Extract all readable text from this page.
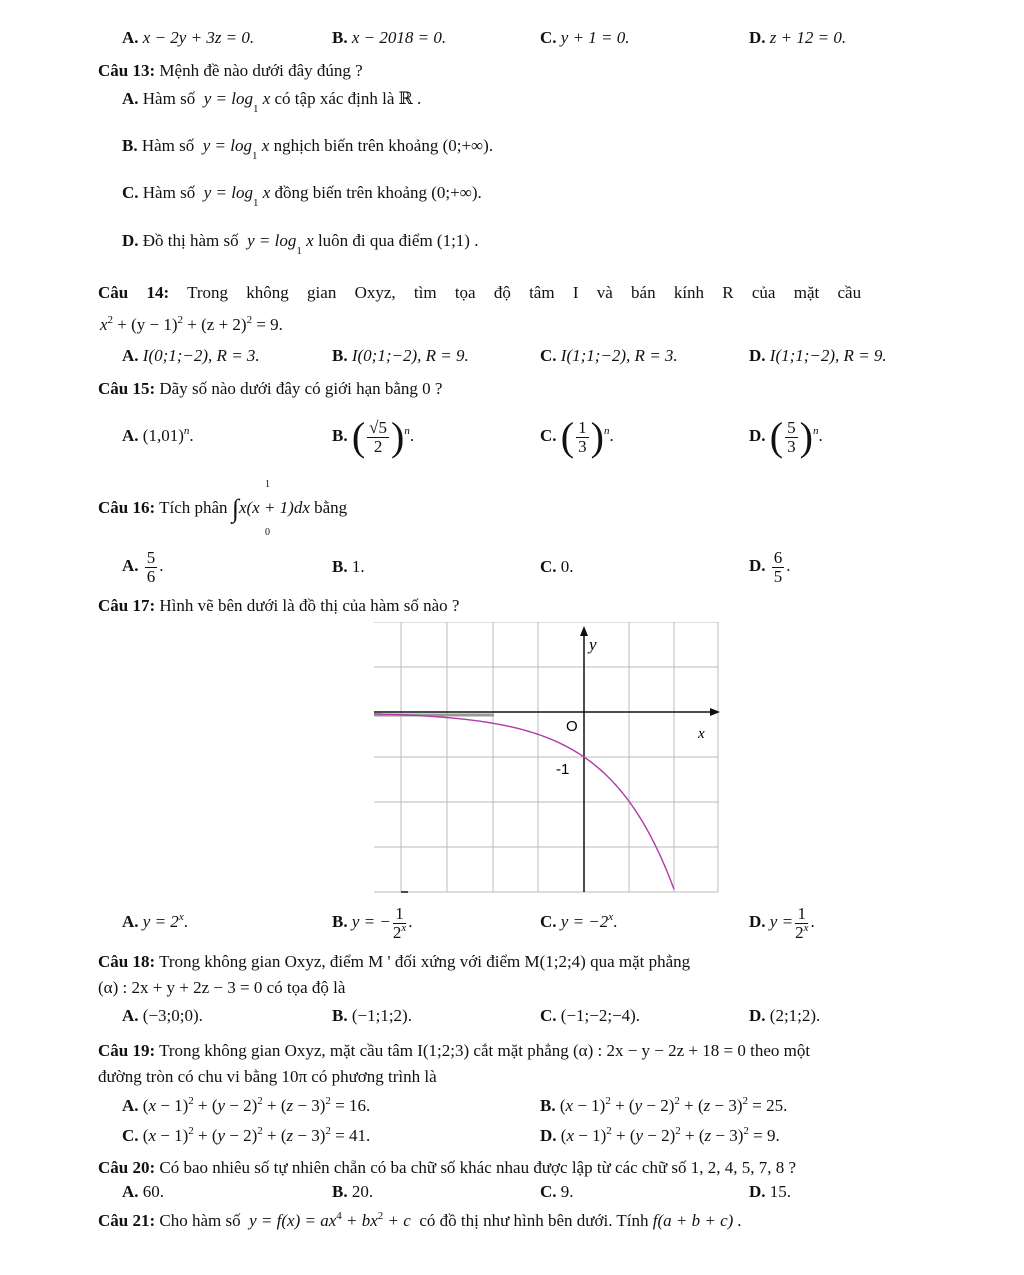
A. x − 2y + 3z = 0.	B. x − 2018 = 0.	C. y + 1 = 0.	D. z + 12 = 0.
Câu 13: Mệnh đề nào dưới đây đúng ?
A. Hàm số $y = \log_1 x$ có tập xác định là ℝ .
B. Hàm số $y = \log_1 x$ nghịch biến trên khoảng (0;+∞).
C. Hàm số $y = \log_1 x$ đồng biến trên khoảng (0;+∞).
D. Đồ thị hàm số $y = \log_1 x$ luôn đi qua điểm (1;1) .
Câu 14: Trong không gian Oxyz, tìm tọa độ tâm I và bán kính R của mặt cầu
$x^2 + (y - 1)^2 + (z + 2)^2 = 9$.
A. I(0;1;−2), R = 3.	B. I(0;1;−2), R = 9.	C. I(1;1;−2), R = 3.	D. I(1;1;−2), R = 9.
Câu 15: Dãy số nào dưới đây có giới hạn bằng 0 ?
A. $(1,01)^n$.	B. ( $\frac{√5}{2} )^n$.	C. ( $\frac{1}{3} )^n$.	D. ( $\frac{5}{3} )^n$.
Câu 16: Tích phân ∫x(x + 1)dx bằng
1
0
A. $\frac{5}{6}$ .	B. 1.	C. 0.	D. $\frac{6}{5}$ .
Câu 17: Hình vẽ bên dưới là đồ thị của hàm số nào ?
y
x
O
-1
A. $y = 2^x$.	B. y = − $\frac{1}{2^x}$ .	C. $y = -2^x$.	D. $y = \frac{1}{2^x}$ .
Câu 18: Trong không gian Oxyz, điểm M ' đối xứng với điểm M(1;2;4) qua mặt phẳng
(α) : 2x + y + 2z − 3 = 0 có tọa độ là
A. (−3;0;0).	B. (−1;1;2).	C. (−1;−2;−4).	D. (2;1;2).
Câu 19: Trong không gian Oxyz, mặt cầu tâm I(1;2;3) cắt mặt phẳng (α) : 2x − y − 2z + 18 = 0 theo một
đường tròn có chu vi bằng 10π có phương trình là
A. $(x - 1)^2 + (y - 2)^2 + (z - 3)^2 = 16$.	B. $(x - 1)^2 + (y - 2)^2 + (z - 3)^2 = 25$.
C. $(x - 1)^2 + (y - 2)^2 + (z - 3)^2 = 41$.	D. $(x - 1)^2 + (y - 2)^2 + (z - 3)^2 = 9$.
Câu 20: Có bao nhiêu số tự nhiên chẵn có ba chữ số khác nhau được lập từ các chữ số 1, 2, 4, 5, 7, 8 ?
A. 60.	B. 20.	C. 9.	D. 15.
Câu 21: Cho hàm số $y = f(x) = ax^4 + bx^2 + c$ có đồ thị như hình bên dưới. Tính f(a + b + c) .
